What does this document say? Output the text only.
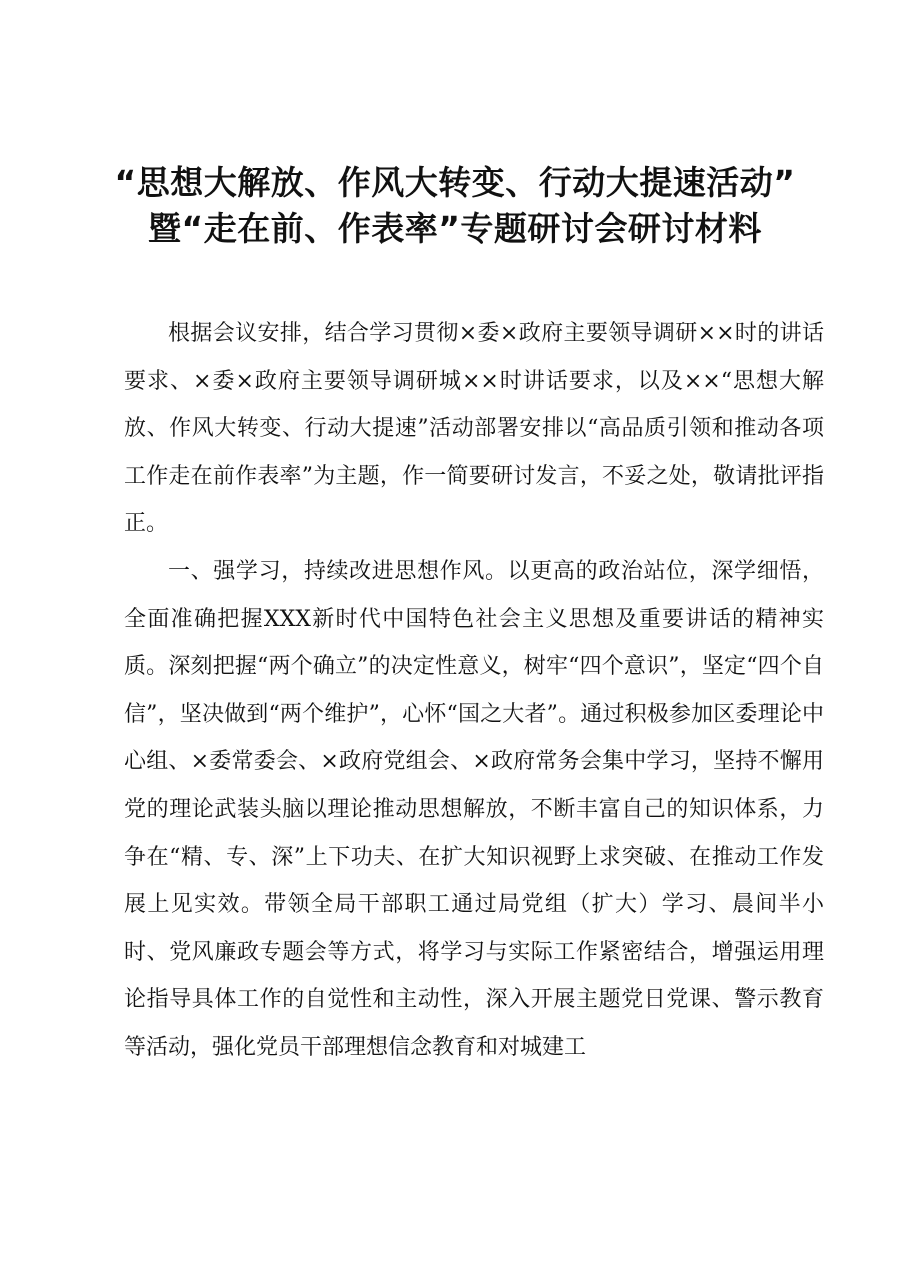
“思想大解放、作风大转变、行动大提速活动”
暨“走在前、作表率”专题研讨会研讨材料

根据会议安排，结合学习贯彻×委×政府主要领导调研××时的讲话要求、×委×政府主要领导调研城××时讲话要求，以及××“思想大解放、作风大转变、行动大提速”活动部署安排以“高品质引领和推动各项工作走在前作表率”为主题，作一简要研讨发言，不妥之处，敬请批评指正。

一、强学习，持续改进思想作风。以更高的政治站位，深学细悟，全面准确把握XXX新时代中国特色社会主义思想及重要讲话的精神实质。深刻把握“两个确立”的决定性意义，树牢“四个意识”，坚定“四个自信”，坚决做到“两个维护”，心怀“国之大者”。通过积极参加区委理论中心组、×委常委会、×政府党组会、×政府常务会集中学习，坚持不懈用党的理论武装头脑以理论推动思想解放，不断丰富自己的知识体系，力争在“精、专、深”上下功夫、在扩大知识视野上求突破、在推动工作发展上见实效。带领全局干部职工通过局党组（扩大）学习、晨间半小时、党风廉政专题会等方式，将学习与实际工作紧密结合，增强运用理论指导具体工作的自觉性和主动性，深入开展主题党日党课、警示教育等活动，强化党员干部理想信念教育和对城建工
